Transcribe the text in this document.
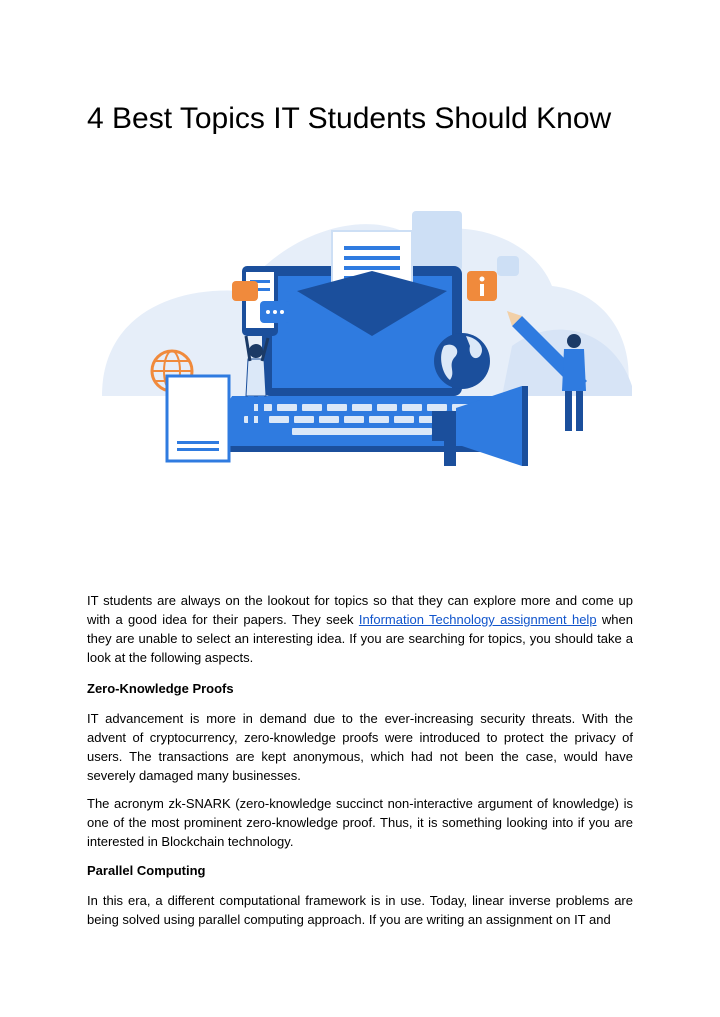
4 Best Topics IT Students Should Know

IT students are always on the lookout for topics so that they can explore more and come up with a good idea for their papers. They seek Information Technology assignment help when they are unable to select an interesting idea. If you are searching for topics, you should take a look at the following aspects.

Zero-Knowledge Proofs

IT advancement is more in demand due to the ever-increasing security threats. With the advent of cryptocurrency, zero-knowledge proofs were introduced to protect the privacy of users. The transactions are kept anonymous, which had not been the case, would have severely damaged many businesses.

The acronym zk-SNARK (zero-knowledge succinct non-interactive argument of knowledge) is one of the most prominent zero-knowledge proof. Thus, it is something looking into if you are interested in Blockchain technology.

Parallel Computing

In this era, a different computational framework is in use. Today, linear inverse problems are being solved using parallel computing approach. If you are writing an assignment on IT and
